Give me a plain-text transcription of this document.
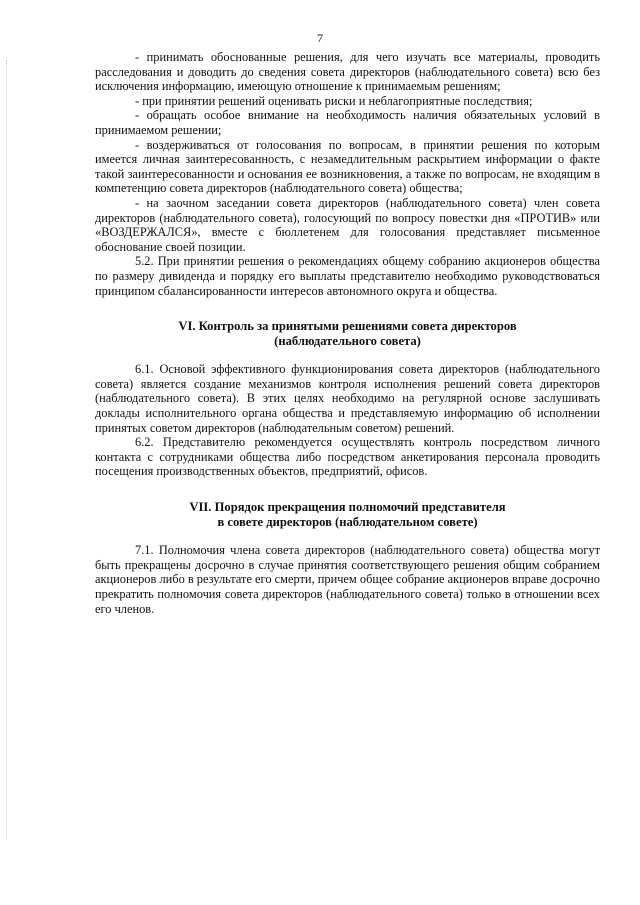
7

- принимать обоснованные решения, для чего изучать все материалы, проводить расследования и доводить до сведения совета директоров (наблюдательного совета) всю без исключения информацию, имеющую отношение к принимаемым решениям;

- при принятии решений оценивать риски и неблагоприятные последствия;

- обращать особое внимание на необходимость наличия обязательных условий в принимаемом решении;

- воздерживаться от голосования по вопросам, в принятии решения по которым имеется личная заинтересованность, с незамедлительным раскрытием информации о факте такой заинтересованности и основания ее возникновения, а также по вопросам, не входящим в компетенцию совета директоров (наблюдательного совета) общества;

- на заочном заседании совета директоров (наблюдательного совета) член совета директоров (наблюдательного совета), голосующий по вопросу повестки дня «ПРОТИВ» или «ВОЗДЕРЖАЛСЯ», вместе с бюллетенем для голосования представляет письменное обоснование своей позиции.

5.2. При принятии решения о рекомендациях общему собранию акционеров общества по размеру дивиденда и порядку его выплаты представителю необходимо руководствоваться принципом сбалансированности интересов автономного округа и общества.

VI. Контроль за принятыми решениями совета директоров

(наблюдательного совета)

6.1. Основой эффективного функционирования совета директоров (наблюдательного совета) является создание механизмов контроля исполнения решений совета директоров (наблюдательного совета). В этих целях необходимо на регулярной основе заслушивать доклады исполнительного органа общества и представляемую информацию об исполнении принятых советом директоров (наблюдательным советом) решений.

6.2. Представителю рекомендуется осуществлять контроль посредством личного контакта с сотрудниками общества либо посредством анкетирования персонала проводить посещения производственных объектов, предприятий, офисов.

VII. Порядок прекращения полномочий представителя

в совете директоров (наблюдательном совете)

7.1. Полномочия члена совета директоров (наблюдательного совета) общества могут быть прекращены досрочно в случае принятия соответствующего решения общим собранием акционеров либо в результате его смерти, причем общее собрание акционеров вправе досрочно прекратить полномочия совета директоров (наблюдательного совета) только в отношении всех его членов.
